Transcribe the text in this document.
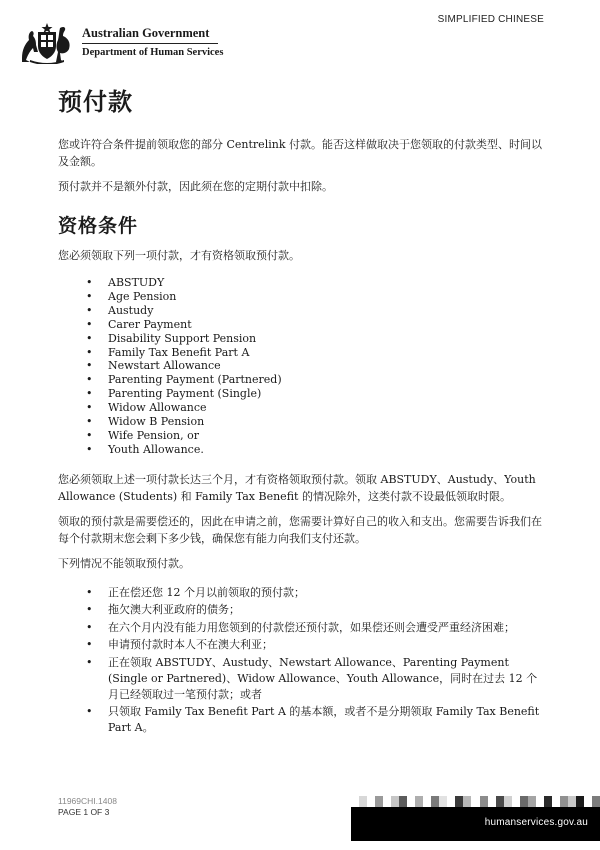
SIMPLIFIED CHINESE
Australian Government
Department of Human Services
预付款

您或许符合条件提前领取您的部分 Centrelink 付款。能否这样做取决于您领取的付款类型、时间以及金额。

预付款并不是额外付款，因此须在您的定期付款中扣除。

资格条件

您必须领取下列一项付款，才有资格领取预付款。

• ABSTUDY
• Age Pension
• Austudy
• Carer Payment
• Disability Support Pension
• Family Tax Benefit Part A
• Newstart Allowance
• Parenting Payment (Partnered)
• Parenting Payment (Single)
• Widow Allowance
• Widow B Pension
• Wife Pension, or
• Youth Allowance.

您必须领取上述一项付款长达三个月，才有资格领取预付款。领取 ABSTUDY、Austudy、Youth Allowance (Students) 和 Family Tax Benefit 的情况除外，这类付款不设最低领取时限。

领取的预付款是需要偿还的，因此在申请之前，您需要计算好自己的收入和支出。您需要告诉我们在每个付款期末您会剩下多少钱，确保您有能力向我们支付还款。

下列情况不能领取预付款。

• 正在偿还您 12 个月以前领取的预付款；
• 拖欠澳大利亚政府的债务；
• 在六个月内没有能力用您领到的付款偿还预付款，如果偿还则会遭受严重经济困难；
• 申请预付款时本人不在澳大利亚；
• 正在领取 ABSTUDY、Austudy、Newstart Allowance、Parenting Payment (Single or Partnered)、Widow Allowance、Youth Allowance，同时在过去 12 个月已经领取过一笔预付款；或者
• 只领取 Family Tax Benefit Part A 的基本额，或者不是分期领取 Family Tax Benefit Part A。
11969CHI.1408
PAGE 1 OF 3
humanservices.gov.au
